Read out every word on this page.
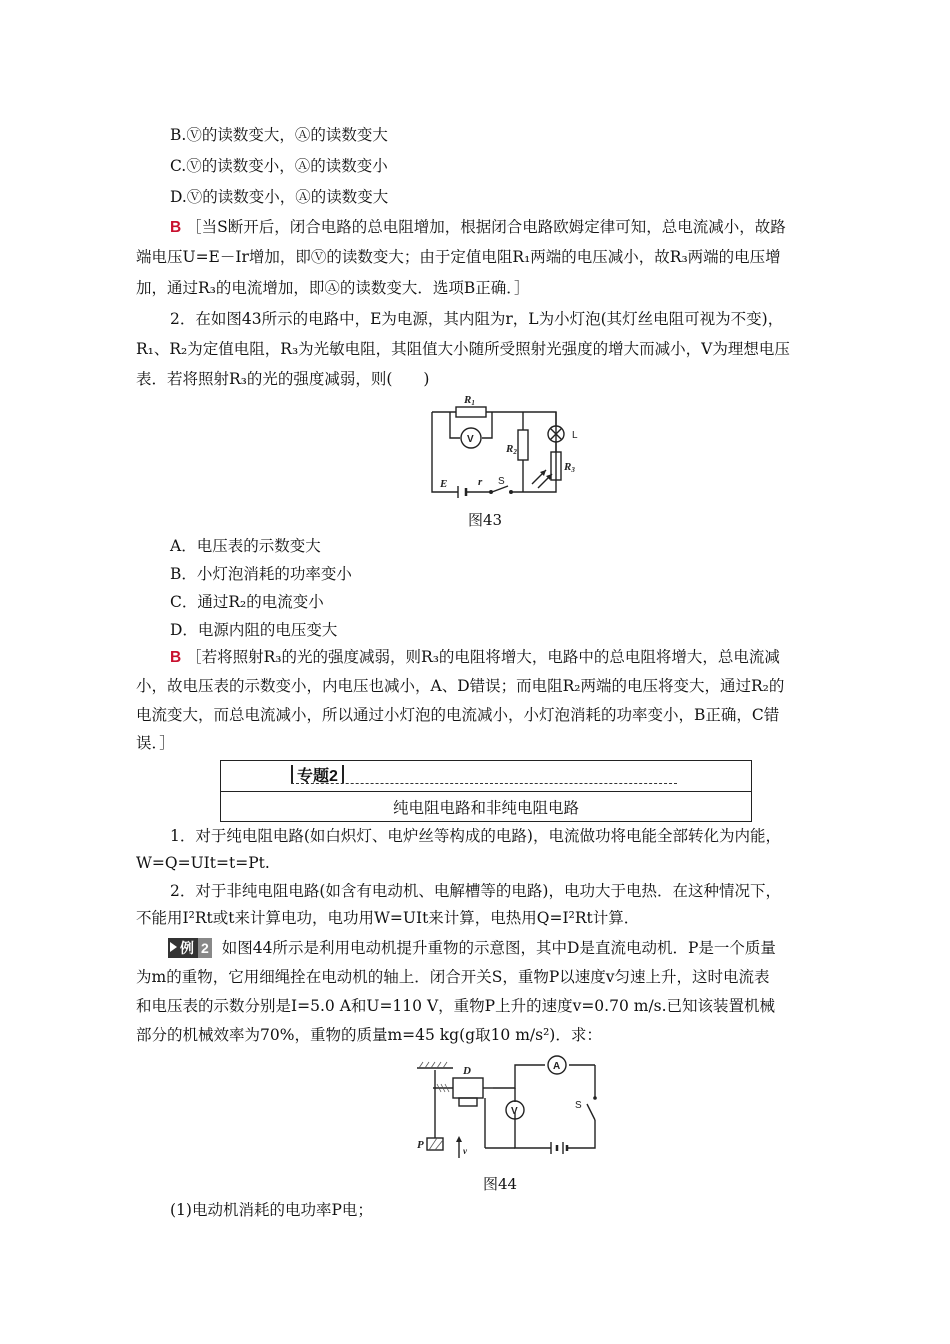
B.Ⓥ的读数变大，Ⓐ的读数变大
C.Ⓥ的读数变小，Ⓐ的读数变小
D.Ⓥ的读数变小，Ⓐ的读数变大
B ［当S断开后，闭合电路的总电阻增加，根据闭合电路欧姆定律可知，总电流减小，故路
端电压U=E－Ir增加，即Ⓥ的读数变大；由于定值电阻R₁两端的电压减小，故R₃两端的电压增
加，通过R₃的电流增加，即Ⓐ的读数变大．选项B正确．］
2．在如图43所示的电路中，E为电源，其内阻为r，L为小灯泡(其灯丝电阻可视为不变)，
R₁、R₂为定值电阻，R₃为光敏电阻，其阻值大小随所受照射光强度的增大而减小，V为理想电压
表．若将照射R₃的光的强度减弱，则(　　)
R1
R2
R3
E	r
L
S
V
图43
A．电压表的示数变大
B．小灯泡消耗的功率变小
C．通过R₂的电流变小
D．电源内阻的电压变大
B ［若将照射R₃的光的强度减弱，则R₃的电阻将增大，电路中的总电阻将增大，总电流减
小，故电压表的示数变小，内电压也减小，A、D错误；而电阻R₂两端的电压将变大，通过R₂的
电流变大，而总电流减小，所以通过小灯泡的电流减小，小灯泡消耗的功率变小，B正确，C错
误．］
专题2
纯电阻电路和非纯电阻电路
1．对于纯电阻电路(如白炽灯、电炉丝等构成的电路)，电流做功将电能全部转化为内能，
W=Q=UIt=t=Pt.
2．对于非纯电阻电路(如含有电动机、电解槽等的电路)，电功大于电热．在这种情况下，
不能用I²Rt或t来计算电功，电功用W=UIt来计算，电热用Q=I²Rt计算．
例 2 如图44所示是利用电动机提升重物的示意图，其中D是直流电动机．P是一个质量
为m的重物，它用细绳拴在电动机的轴上．闭合开关S，重物P以速度v匀速上升，这时电流表
和电压表的示数分别是I=5.0 A和U=110 V，重物P上升的速度v=0.70 m/s.已知该装置机械
部分的机械效率为70%，重物的质量m=45 kg(g取10 m/s²)．求：
D
P	v
A
V
S
图44
(1)电动机消耗的电功率P电；
